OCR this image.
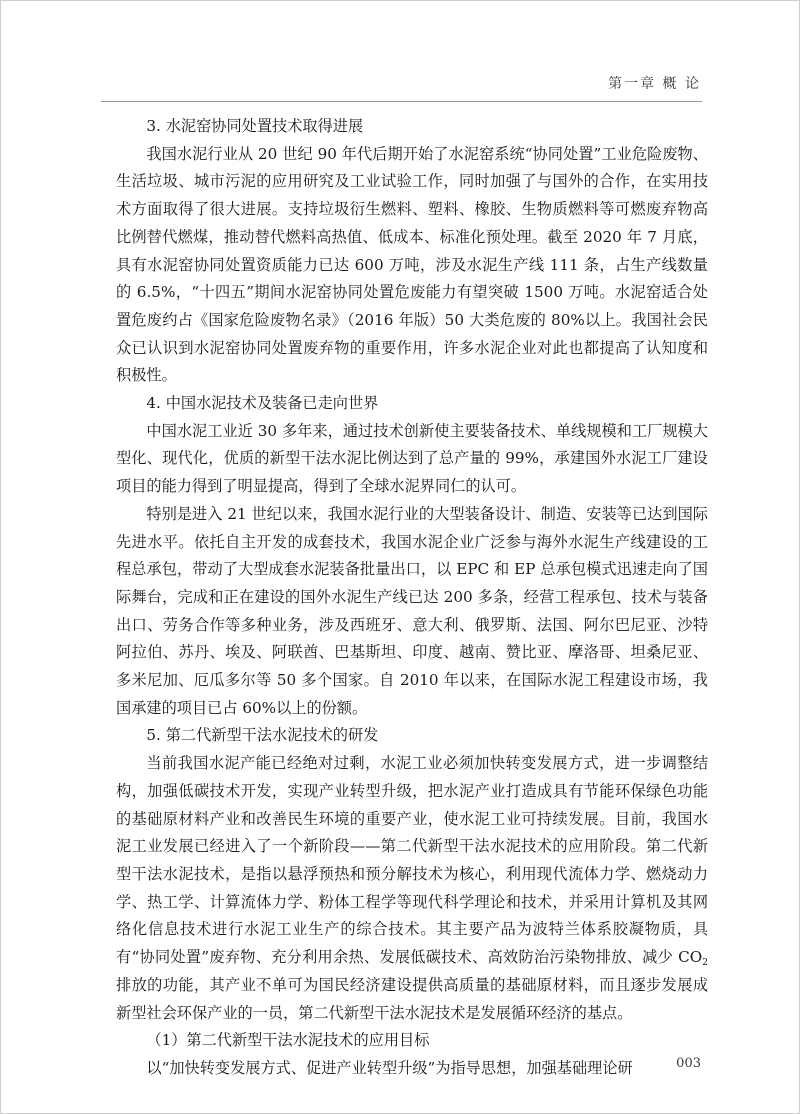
第一章 概 论

3. 水泥窑协同处置技术取得进展

我国水泥行业从 20 世纪 90 年代后期开始了水泥窑系统“协同处置”工业危险废物、生活垃圾、城市污泥的应用研究及工业试验工作，同时加强了与国外的合作，在实用技术方面取得了很大进展。支持垃圾衍生燃料、塑料、橡胶、生物质燃料等可燃废弃物高比例替代燃煤，推动替代燃料高热值、低成本、标准化预处理。截至 2020 年 7 月底，具有水泥窑协同处置资质能力已达 600 万吨，涉及水泥生产线 111 条，占生产线数量的 6.5%，“十四五”期间水泥窑协同处置危废能力有望突破 1500 万吨。水泥窑适合处置危废约占《国家危险废物名录》（2016 年版）50 大类危废的 80%以上。我国社会民众已认识到水泥窑协同处置废弃物的重要作用，许多水泥企业对此也都提高了认知度和积极性。

4. 中国水泥技术及装备已走向世界

中国水泥工业近 30 多年来，通过技术创新使主要装备技术、单线规模和工厂规模大型化、现代化，优质的新型干法水泥比例达到了总产量的 99%，承建国外水泥工厂建设项目的能力得到了明显提高，得到了全球水泥界同仁的认可。

特别是进入 21 世纪以来，我国水泥行业的大型装备设计、制造、安装等已达到国际先进水平。依托自主开发的成套技术，我国水泥企业广泛参与海外水泥生产线建设的工程总承包，带动了大型成套水泥装备批量出口，以 EPC 和 EP 总承包模式迅速走向了国际舞台，完成和正在建设的国外水泥生产线已达 200 多条，经营工程承包、技术与装备出口、劳务合作等多种业务，涉及西班牙、意大利、俄罗斯、法国、阿尔巴尼亚、沙特阿拉伯、苏丹、埃及、阿联酋、巴基斯坦、印度、越南、赞比亚、摩洛哥、坦桑尼亚、多米尼加、厄瓜多尔等 50 多个国家。自 2010 年以来，在国际水泥工程建设市场，我国承建的项目已占 60%以上的份额。

5. 第二代新型干法水泥技术的研发

当前我国水泥产能已经绝对过剩，水泥工业必须加快转变发展方式，进一步调整结构，加强低碳技术开发，实现产业转型升级，把水泥产业打造成具有节能环保绿色功能的基础原材料产业和改善民生环境的重要产业，使水泥工业可持续发展。目前，我国水泥工业发展已经进入了一个新阶段——第二代新型干法水泥技术的应用阶段。第二代新型干法水泥技术，是指以悬浮预热和预分解技术为核心，利用现代流体力学、燃烧动力学、热工学、计算流体力学、粉体工程学等现代科学理论和技术，并采用计算机及其网络化信息技术进行水泥工业生产的综合技术。其主要产品为波特兰体系胶凝物质，具有“协同处置”废弃物、充分利用余热、发展低碳技术、高效防治污染物排放、减少 $CO_2$排放的功能，其产业不单可为国民经济建设提供高质量的基础原材料，而且逐步发展成新型社会环保产业的一员，第二代新型干法水泥技术是发展循环经济的基点。

（1）第二代新型干法水泥技术的应用目标

以“加快转变发展方式、促进产业转型升级”为指导思想，加强基础理论研	003
